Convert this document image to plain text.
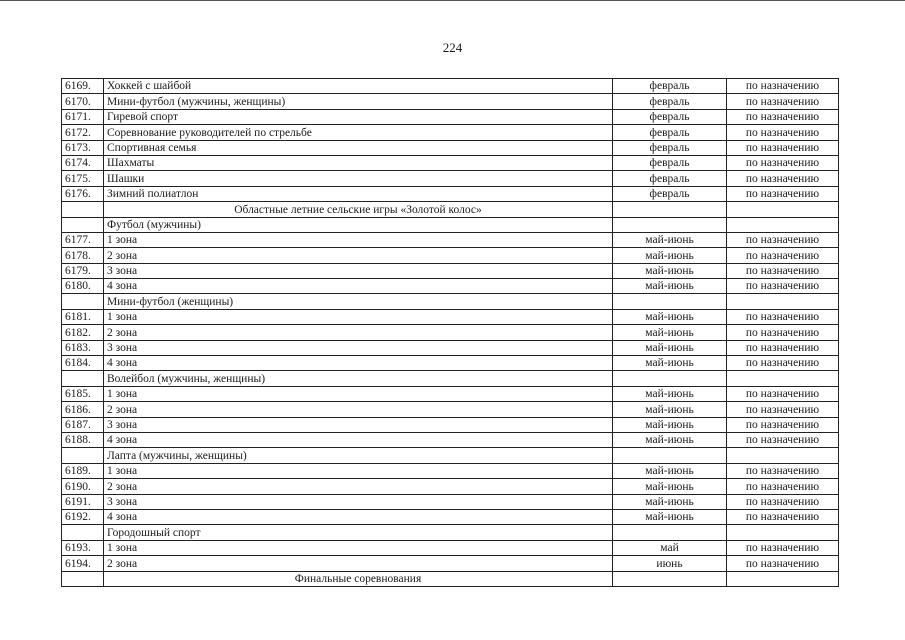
224
6169.	Хоккей с шайбой	февраль	по назначению
6170.	Мини-футбол (мужчины, женщины)	февраль	по назначению
6171.	Гиревой спорт	февраль	по назначению
6172.	Соревнование руководителей по стрельбе	февраль	по назначению
6173.	Спортивная семья	февраль	по назначению
6174.	Шахматы	февраль	по назначению
6175.	Шашки	февраль	по назначению
6176.	Зимний полиатлон	февраль	по назначению
	Областные летние сельские игры «Золотой колос»		
	Футбол (мужчины)		
6177.	1 зона	май-июнь	по назначению
6178.	2 зона	май-июнь	по назначению
6179.	3 зона	май-июнь	по назначению
6180.	4 зона	май-июнь	по назначению
	Мини-футбол (женщины)		
6181.	1 зона	май-июнь	по назначению
6182.	2 зона	май-июнь	по назначению
6183.	3 зона	май-июнь	по назначению
6184.	4 зона	май-июнь	по назначению
	Волейбол (мужчины, женщины)		
6185.	1 зона	май-июнь	по назначению
6186.	2 зона	май-июнь	по назначению
6187.	3 зона	май-июнь	по назначению
6188.	4 зона	май-июнь	по назначению
	Лапта (мужчины, женщины)		
6189.	1 зона	май-июнь	по назначению
6190.	2 зона	май-июнь	по назначению
6191.	3 зона	май-июнь	по назначению
6192.	4 зона	май-июнь	по назначению
	Городошный спорт		
6193.	1 зона	май	по назначению
6194.	2 зона	июнь	по назначению
	Финальные соревнования		
